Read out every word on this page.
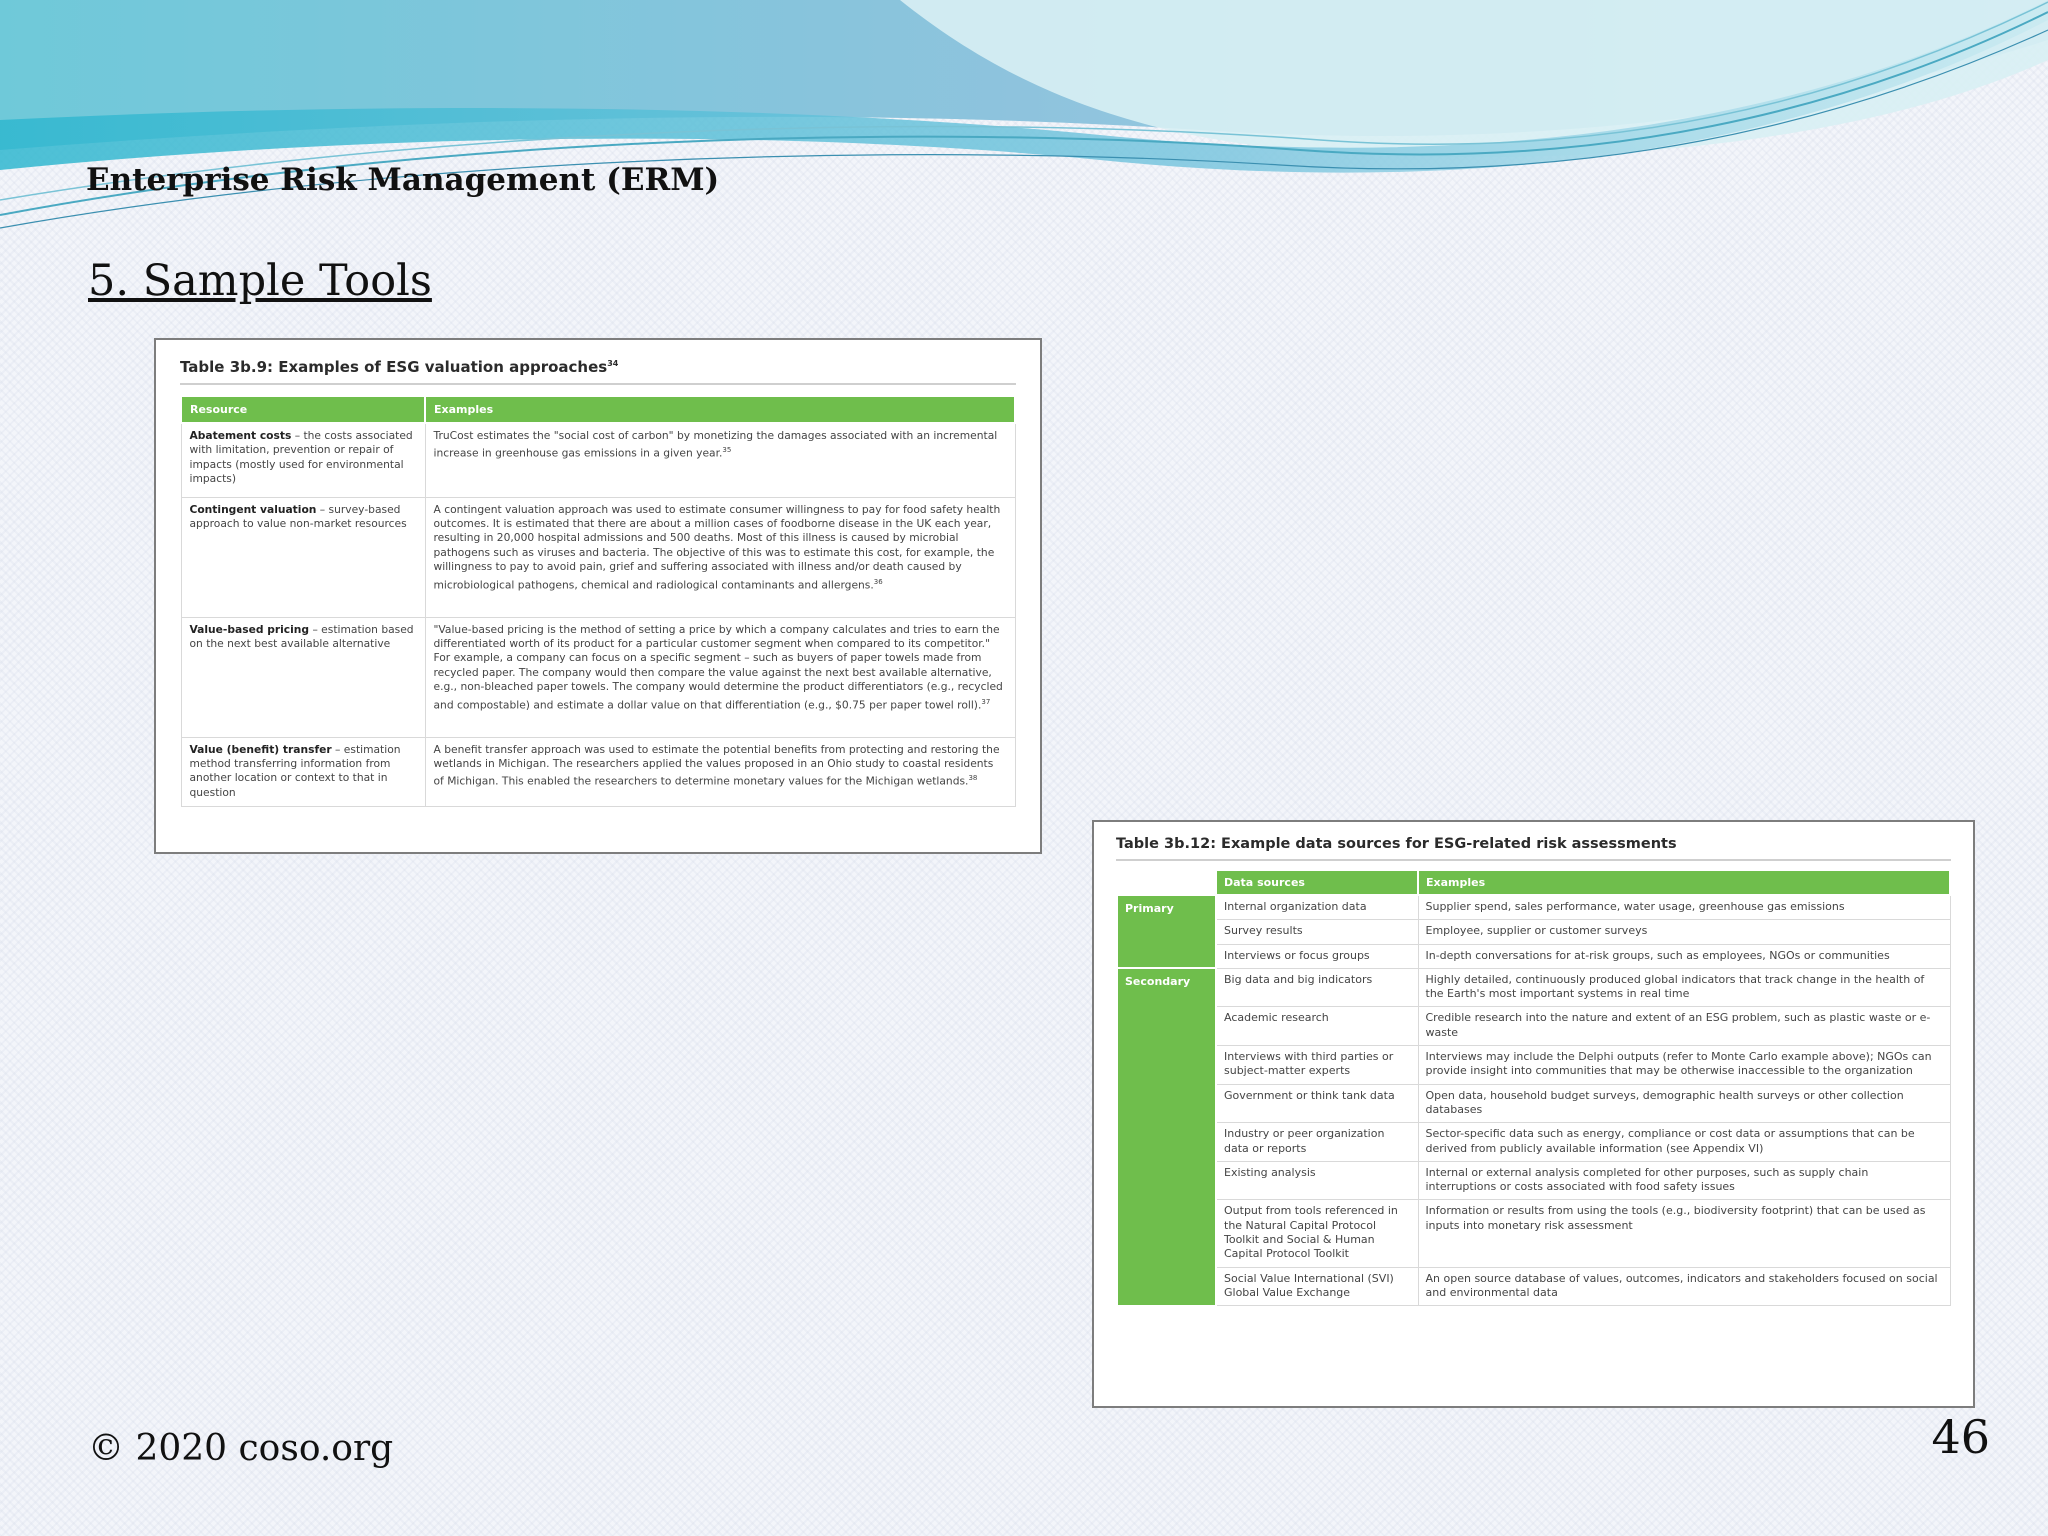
Enterprise Risk Management (ERM)
5. Sample Tools
Table 3b.9: Examples of ESG valuation approaches$^{34}$
Resource	Examples
Abatement costs – the costs associated with limitation, prevention or repair of impacts (mostly used for environmental impacts)	TruCost estimates the "social cost of carbon" by monetizing the damages associated with an incremental increase in greenhouse gas emissions in a given year.$^{35}$
Contingent valuation – survey-based approach to value non-market resources	A contingent valuation approach was used to estimate consumer willingness to pay for food safety health outcomes. It is estimated that there are about a million cases of foodborne disease in the UK each year, resulting in 20,000 hospital admissions and 500 deaths. Most of this illness is caused by microbial pathogens such as viruses and bacteria. The objective of this was to estimate this cost, for example, the willingness to pay to avoid pain, grief and suffering associated with illness and/or death caused by microbiological pathogens, chemical and radiological contaminants and allergens.$^{36}$
Value-based pricing – estimation based on the next best available alternative	"Value-based pricing is the method of setting a price by which a company calculates and tries to earn the differentiated worth of its product for a particular customer segment when compared to its competitor." For example, a company can focus on a specific segment – such as buyers of paper towels made from recycled paper. The company would then compare the value against the next best available alternative, e.g., non-bleached paper towels. The company would determine the product differentiators (e.g., recycled and compostable) and estimate a dollar value on that differentiation (e.g., $0.75 per paper towel roll).$^{37}$
Value (benefit) transfer – estimation method transferring information from another location or context to that in question	A benefit transfer approach was used to estimate the potential benefits from protecting and restoring the wetlands in Michigan. The researchers applied the values proposed in an Ohio study to coastal residents of Michigan. This enabled the researchers to determine monetary values for the Michigan wetlands.$^{38}$
Table 3b.12: Example data sources for ESG-related risk assessments
	Data sources	Examples
Primary	Internal organization data	Supplier spend, sales performance, water usage, greenhouse gas emissions
	Survey results	Employee, supplier or customer surveys
	Interviews or focus groups	In-depth conversations for at-risk groups, such as employees, NGOs or communities
Secondary	Big data and big indicators	Highly detailed, continuously produced global indicators that track change in the health of the Earth's most important systems in real time
	Academic research	Credible research into the nature and extent of an ESG problem, such as plastic waste or e-waste
	Interviews with third parties or subject-matter experts	Interviews may include the Delphi outputs (refer to Monte Carlo example above); NGOs can provide insight into communities that may be otherwise inaccessible to the organization
	Government or think tank data	Open data, household budget surveys, demographic health surveys or other collection databases
	Industry or peer organization data or reports	Sector-specific data such as energy, compliance or cost data or assumptions that can be derived from publicly available information (see Appendix VI)
	Existing analysis	Internal or external analysis completed for other purposes, such as supply chain interruptions or costs associated with food safety issues
	Output from tools referenced in the Natural Capital Protocol Toolkit and Social & Human Capital Protocol Toolkit	Information or results from using the tools (e.g., biodiversity footprint) that can be used as inputs into monetary risk assessment
	Social Value International (SVI) Global Value Exchange	An open source database of values, outcomes, indicators and stakeholders focused on social and environmental data
© 2020 coso.org	46
